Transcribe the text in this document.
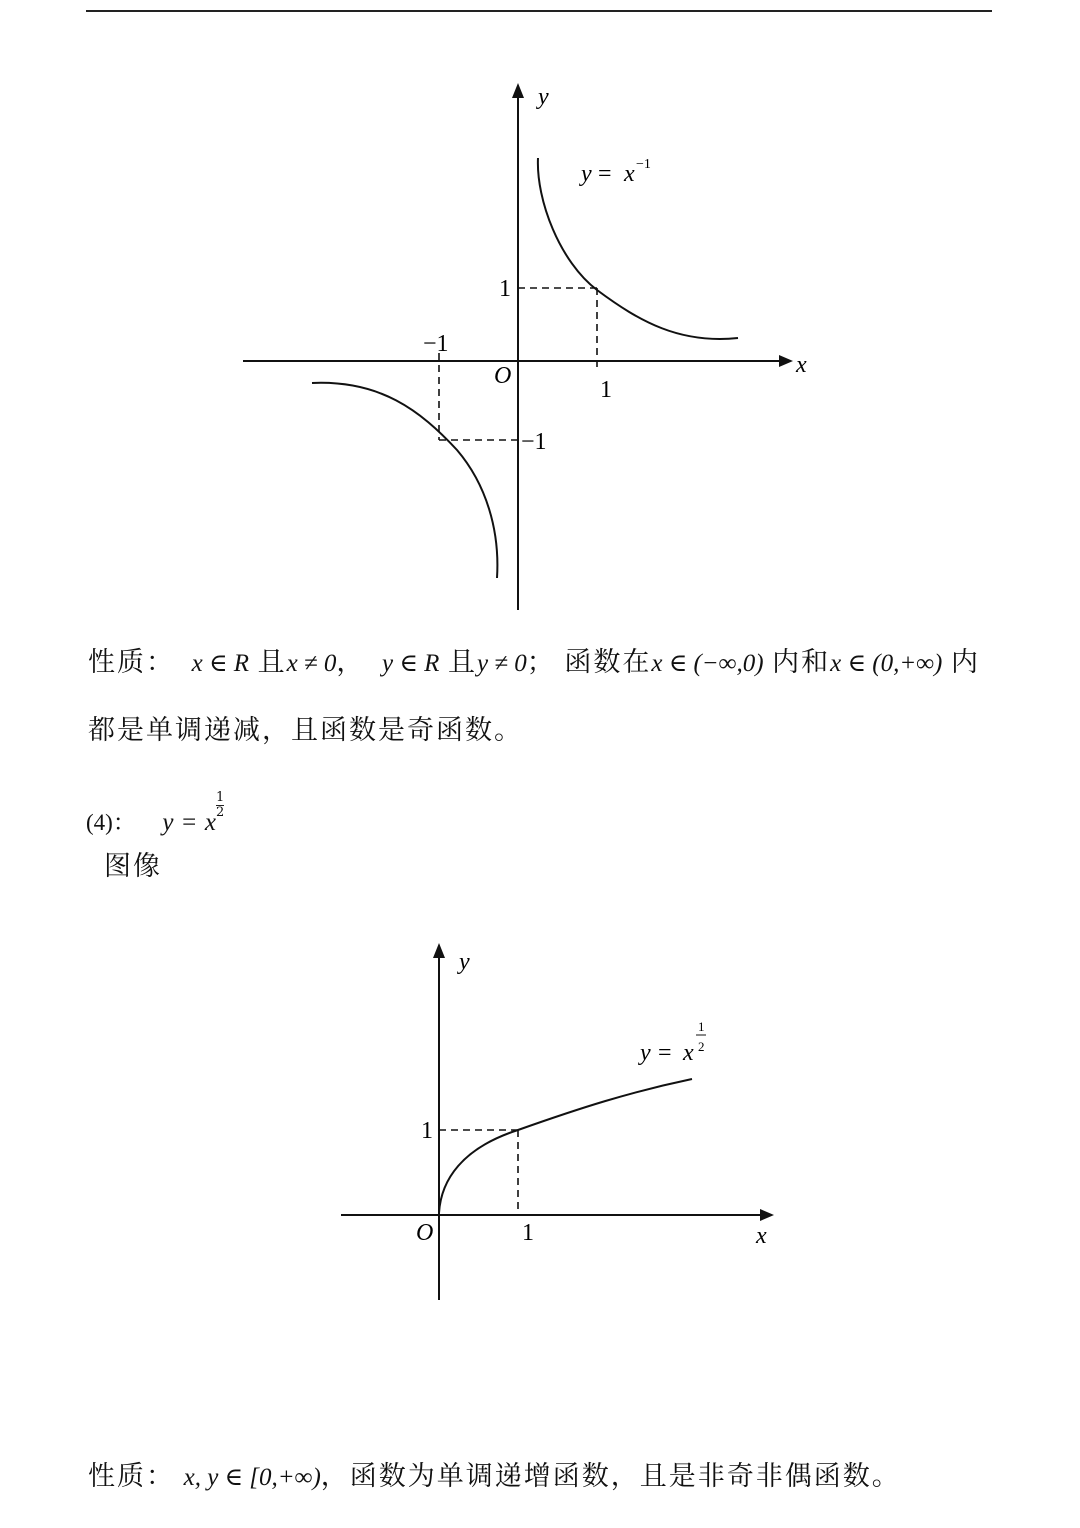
y
x
O
1
1
−1
−1
y = x −1
性质： x ∈ R 且x ≠ 0， y ∈ R 且y ≠ 0； 函数在x ∈ (−∞,0) 内和x ∈ (0,+∞) 内
都是单调递减，且函数是奇函数。
(4)： y = x
$^{\frac{1}{2}}$
图像
y
x
O
1
1
y = x
1
2
性质： x, y ∈ [0,+∞)，函数为单调递增函数，且是非奇非偶函数。
